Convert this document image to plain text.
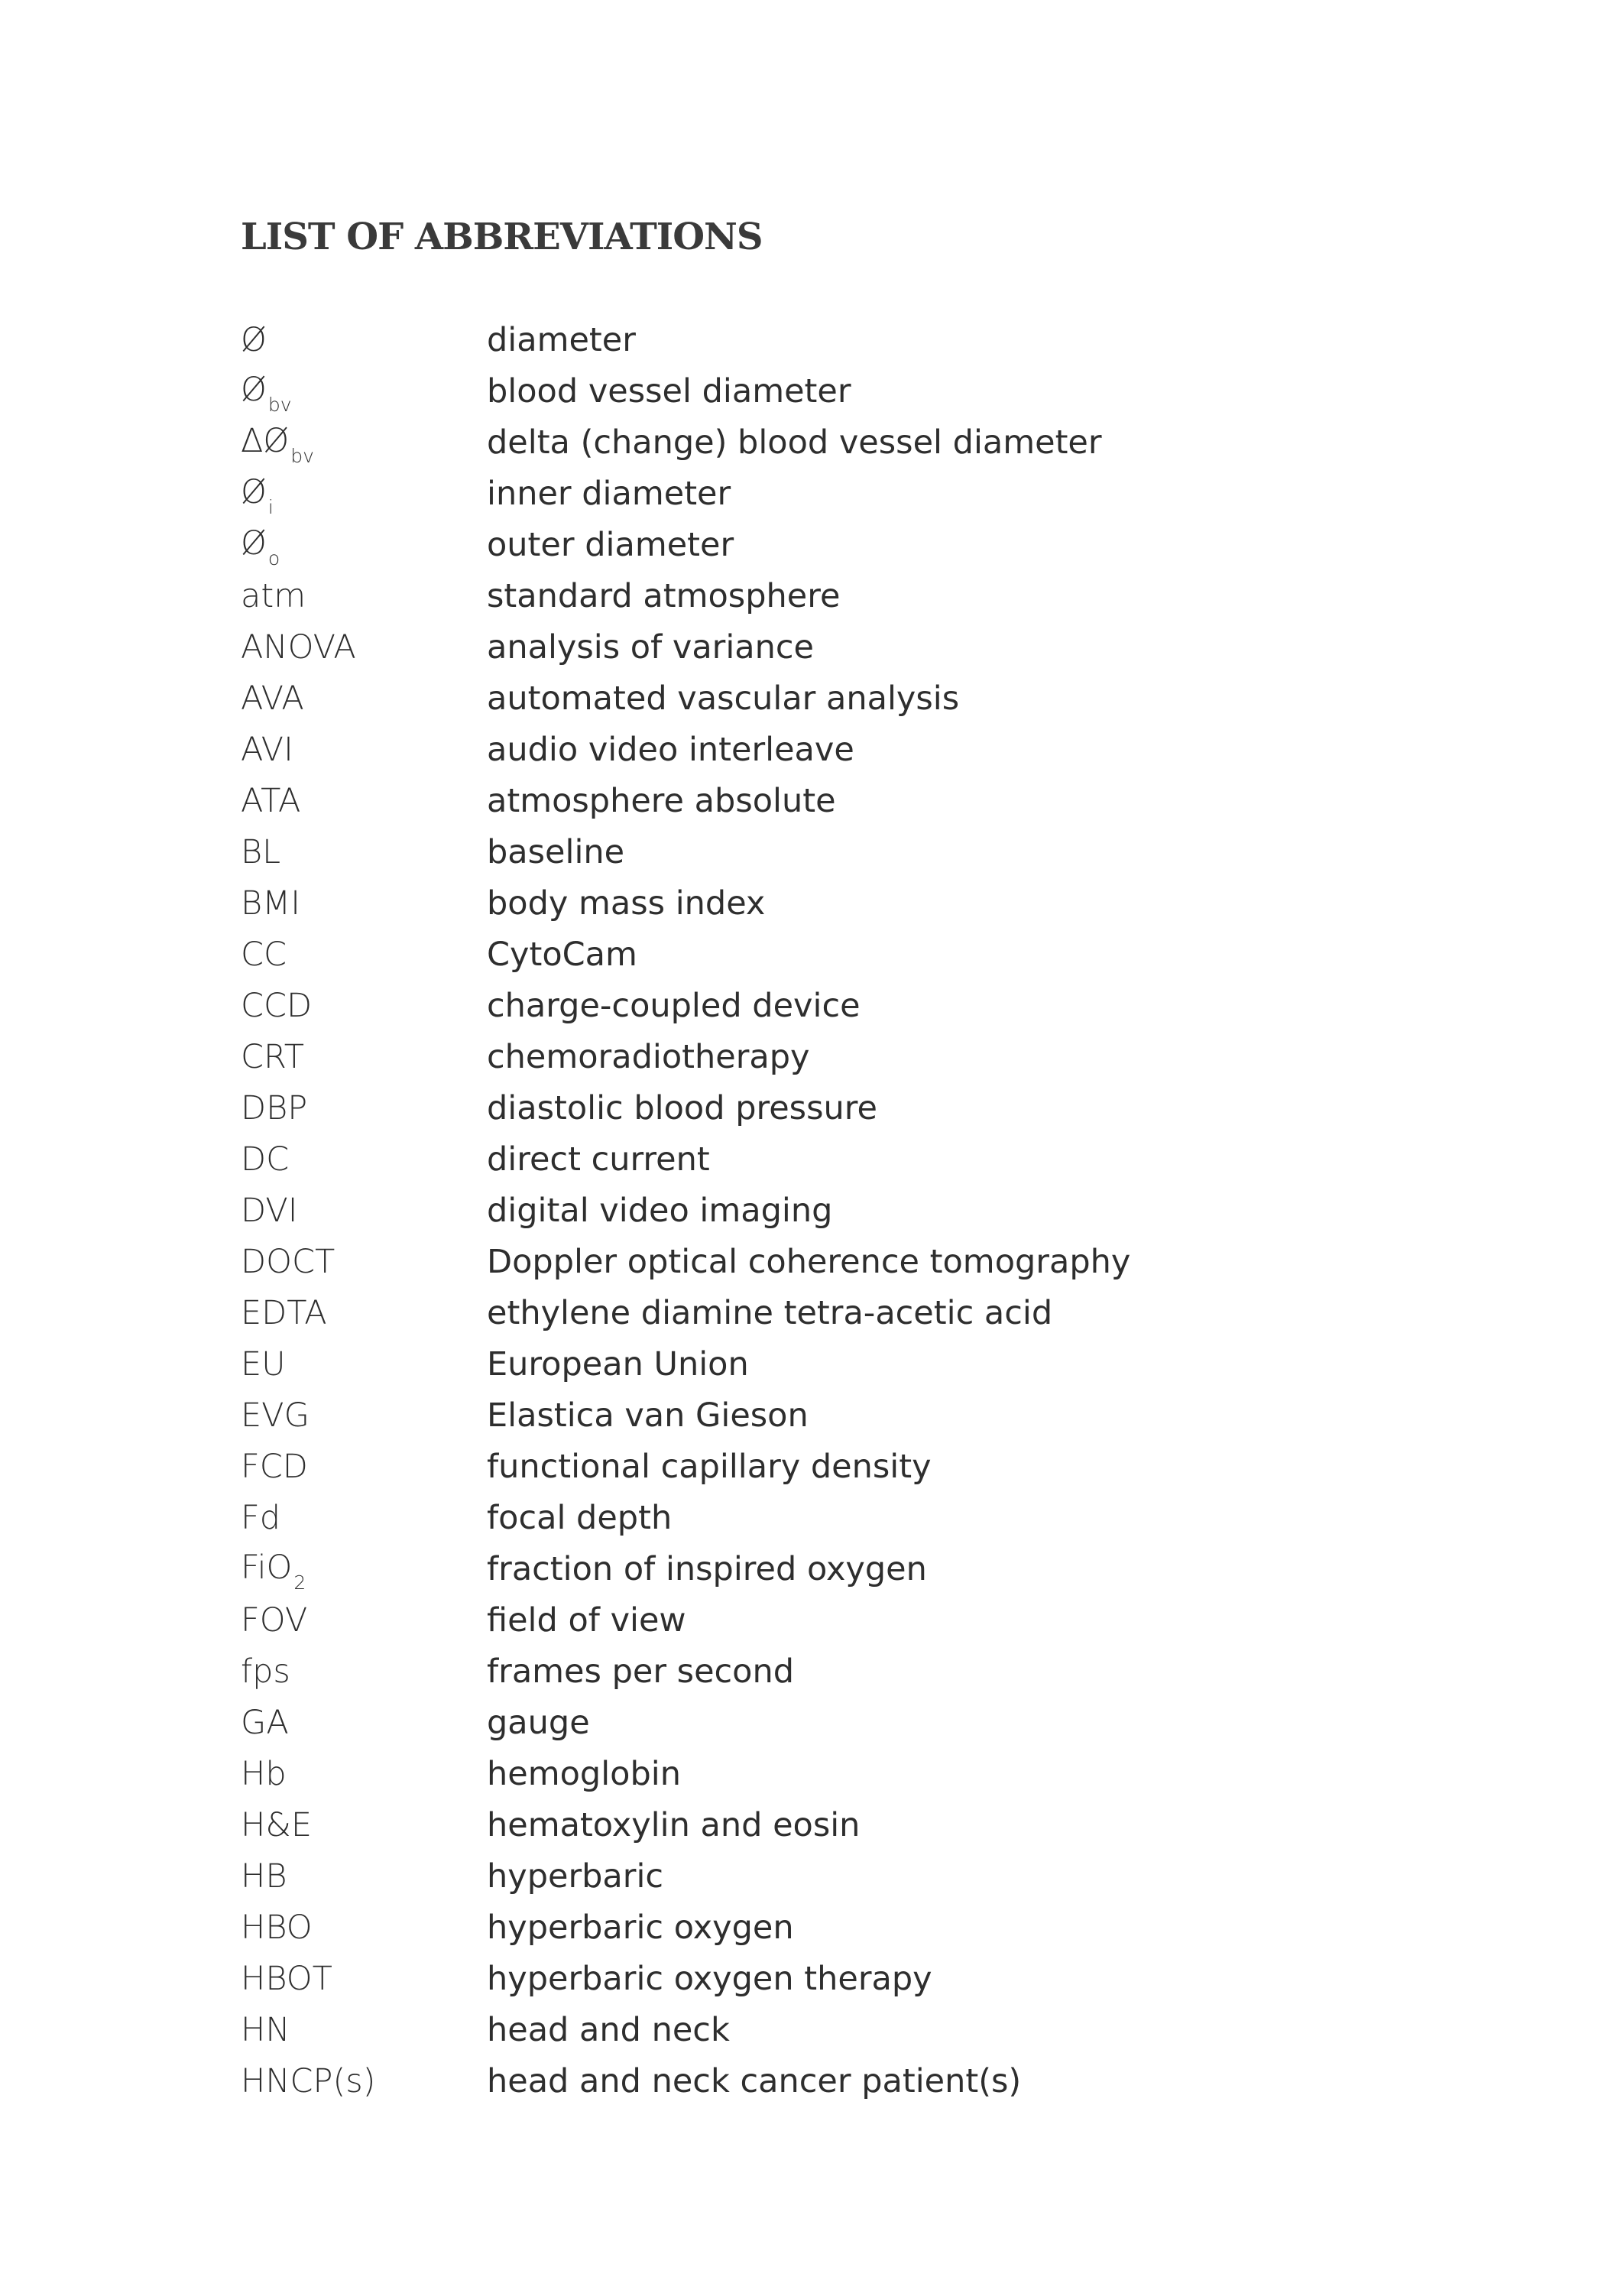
LIST OF ABBREVIATIONS
Ø	diameter
$Ø_{bv}$	blood vessel diameter
$\Delta Ø_{bv}$	delta (change) blood vessel diameter
$Ø_i$	inner diameter
$Ø_o$	outer diameter
atm	standard atmosphere
ANOVA	analysis of variance
AVA	automated vascular analysis
AVI	audio video interleave
ATA	atmosphere absolute
BL	baseline
BMI	body mass index
CC	CytoCam
CCD	charge-coupled device
CRT	chemoradiotherapy
DBP	diastolic blood pressure
DC	direct current
DVI	digital video imaging
DOCT	Doppler optical coherence tomography
EDTA	ethylene diamine tetra-acetic acid
EU	European Union
EVG	Elastica van Gieson
FCD	functional capillary density
Fd	focal depth
FiO$_2$	fraction of inspired oxygen
FOV	field of view
fps	frames per second
GA	gauge
Hb	hemoglobin
H&E	hematoxylin and eosin
HB	hyperbaric
HBO	hyperbaric oxygen
HBOT	hyperbaric oxygen therapy
HN	head and neck
HNCP(s)	head and neck cancer patient(s)
